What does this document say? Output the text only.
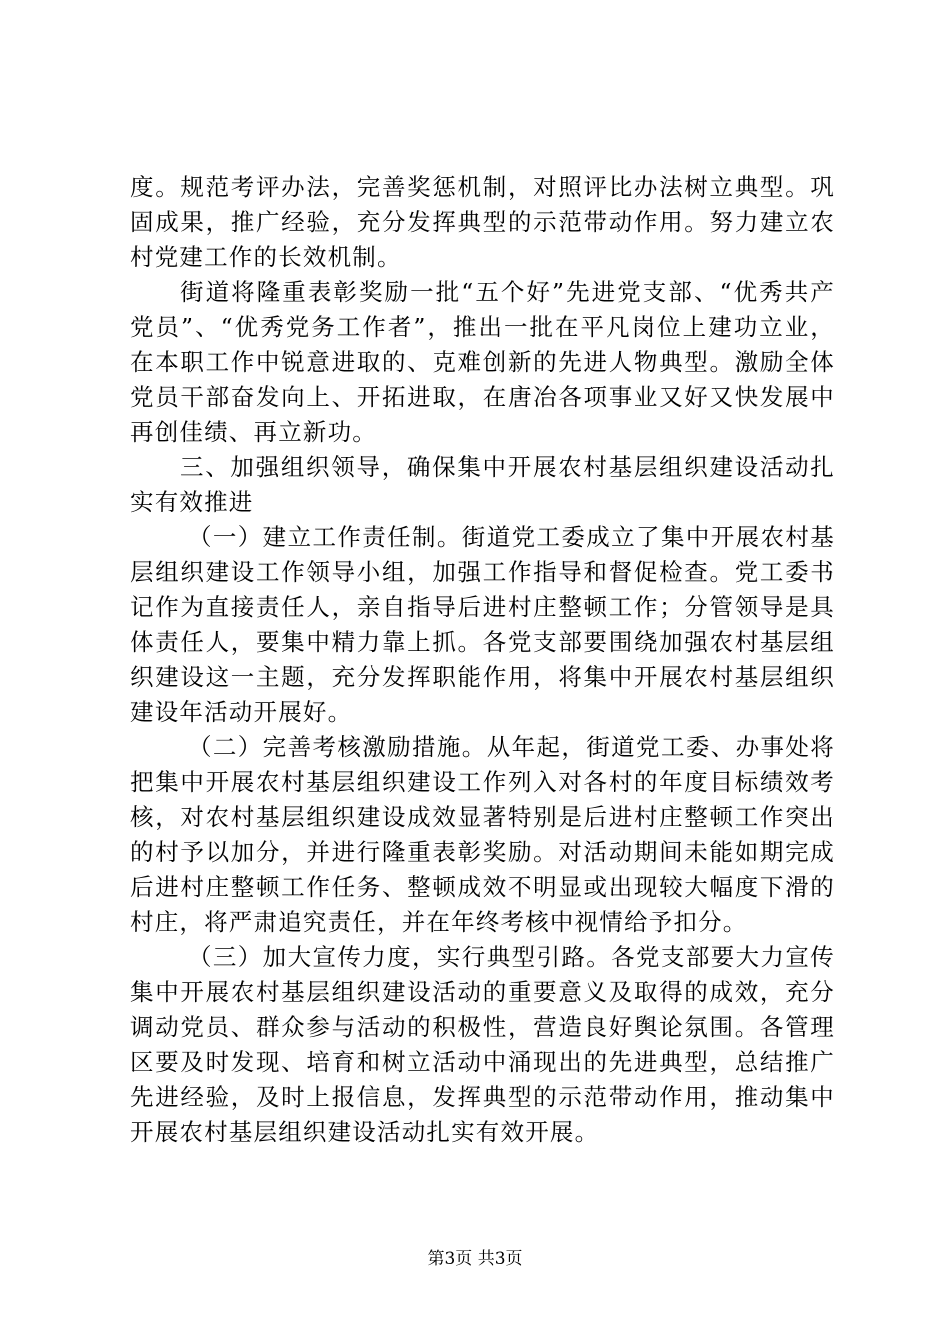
度。规范考评办法，完善奖惩机制，对照评比办法树立典型。巩固成果，推广经验，充分发挥典型的示范带动作用。努力建立农村党建工作的长效机制。

街道将隆重表彰奖励一批“五个好”先进党支部、“优秀共产党员”、“优秀党务工作者”，推出一批在平凡岗位上建功立业，在本职工作中锐意进取的、克难创新的先进人物典型。激励全体党员干部奋发向上、开拓进取，在唐冶各项事业又好又快发展中再创佳绩、再立新功。

三、加强组织领导，确保集中开展农村基层组织建设活动扎实有效推进

（一）建立工作责任制。街道党工委成立了集中开展农村基层组织建设工作领导小组，加强工作指导和督促检查。党工委书记作为直接责任人，亲自指导后进村庄整顿工作；分管领导是具体责任人，要集中精力靠上抓。各党支部要围绕加强农村基层组织建设这一主题，充分发挥职能作用，将集中开展农村基层组织建设年活动开展好。

（二）完善考核激励措施。从年起，街道党工委、办事处将把集中开展农村基层组织建设工作列入对各村的年度目标绩效考核，对农村基层组织建设成效显著特别是后进村庄整顿工作突出的村予以加分，并进行隆重表彰奖励。对活动期间未能如期完成后进村庄整顿工作任务、整顿成效不明显或出现较大幅度下滑的村庄，将严肃追究责任，并在年终考核中视情给予扣分。

（三）加大宣传力度，实行典型引路。各党支部要大力宣传集中开展农村基层组织建设活动的重要意义及取得的成效，充分调动党员、群众参与活动的积极性，营造良好舆论氛围。各管理区要及时发现、培育和树立活动中涌现出的先进典型，总结推广先进经验，及时上报信息，发挥典型的示范带动作用，推动集中开展农村基层组织建设活动扎实有效开展。

第3页 共3页
